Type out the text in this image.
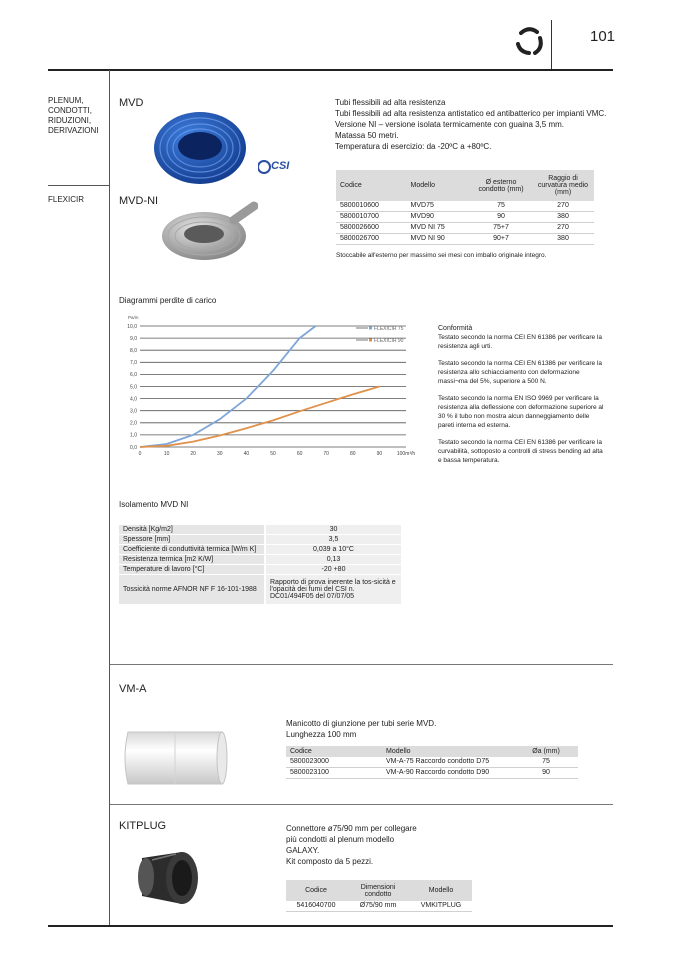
101
PLENUM,
CONDOTTI,
RIDUZIONI,
DERIVAZIONI
FLEXICIR
MVD
CSI
Tubi flessibili ad alta resistenza
Tubi flessibili ad alta resistenza antistatico ed antibatterico per impianti VMC.
Versione NI – versione isolata termicamente con guaina 3,5 mm.
Matassa 50 metri.
Temperatura di esercizio: da -20ºC a +80ºC.
Codice	Modello	Ø esterno condotto (mm)	Raggio di curvatura medio (mm)
5800010600	MVD75	75	270
5800010700	MVD90	90	380
5800026600	MVD NI 75	75+7	270
5800026700	MVD NI 90	90+7	380
Stoccabile all'esterno per massimo sei mesi con imballo originale integro.
MVD-NI
Diagrammi perdite di carico
0,0
1,0
2,0
3,0
4,0
5,0
6,0
7,0
8,0
9,0
10,0
0	10	20	30	40	50	60	70	80	90	100m³/h
FLEXICIR 75
FLEXICIR 90
Pa/m
Conformità
Testato secondo la norma CEI EN 61386 per verificare la resistenza agli urti.
Testato secondo la norma CEI EN 61386 per verificare la resistenza allo schiacciamento con deformazione massi¬ma del 5%, superiore a 500 N.
Testato secondo la norma EN ISO 9969 per verificare la resistenza alla deflessione con deformazione superiore al 30 % il tubo non mostra alcun danneggiamento delle pareti interna ed esterna.
Testato secondo la norma CEI EN 61386 per verificare la curvabilità, sottoposto a controlli di stress bending ad alta e bassa temperatura.
Isolamento MVD NI
Densità [Kg/m2]	30
Spessore [mm]	3,5
Coefficiente di conduttività termica [W/m K]	0,039 a 10°C
Resistenza termica [m2 K/W]	0,13
Temperature di lavoro [°C]	-20 +80
Tossicità norme AFNOR NF F 16-101-1988	Rapporto di prova inerente la tos-sicità e l'opacità dei fumi del CSI n. DC01/494F05 del 07/07/05
VM-A
Manicotto di giunzione per tubi serie MVD.
Lunghezza 100 mm
Codice	Modello	Øa (mm)
5800023000	VM-A-75 Raccordo condotto D75	75
5800023100	VM-A-90 Raccordo condotto D90	90
KITPLUG	Connettore ø75/90 mm per collegare
più condotti al plenum modello
GALAXY.
Kit composto da 5 pezzi.
Codice	Dimensioni condotto	Modello
5416040700	Ø75/90 mm	VMKITPLUG
